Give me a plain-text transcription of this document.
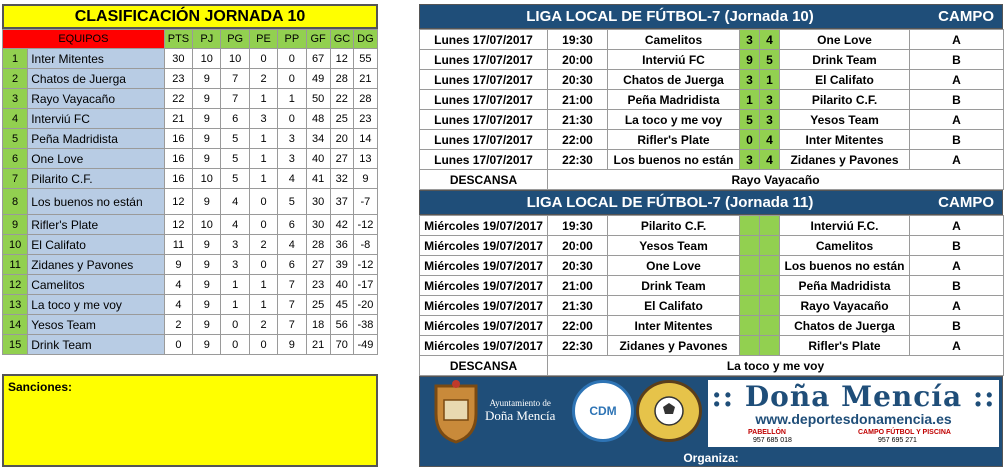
CLASIFICACIÓN JORNADA 10
EQUIPOS		PTS	PJ	PG	PE	PP	GF	GC	DG
1	Inter Mitentes	30	10	10	0	0	67	12	55
2	Chatos de Juerga	23	9	7	2	0	49	28	21
3	Rayo Vayacaño	22	9	7	1	1	50	22	28
4	Interviú FC	21	9	6	3	0	48	25	23
5	Peña Madridista	16	9	5	1	3	34	20	14
6	One Love	16	9	5	1	3	40	27	13
7	Pilarito C.F.	16	10	5	1	4	41	32	9
8	Los buenos no están	12	9	4	0	5	30	37	-7
9	Rifler's Plate	12	10	4	0	6	30	42	-12
10	El Califato	11	9	3	2	4	28	36	-8
11	Zidanes y Pavones	9	9	3	0	6	27	39	-12
12	Camelitos	4	9	1	1	7	23	40	-17
13	La toco y me voy	4	9	1	1	7	25	45	-20
14	Yesos Team	2	9	0	2	7	18	56	-38
15	Drink Team	0	9	0	0	9	21	70	-49
Sanciones:
LIGA LOCAL DE FÚTBOL-7 (Jornada 10)	CAMPO
Lunes 17/07/2017	19:30	Camelitos	3	4	One Love	A
Lunes 17/07/2017	20:00	Interviú FC	9	5	Drink Team	B
Lunes 17/07/2017	20:30	Chatos de Juerga	3	1	El Califato	A
Lunes 17/07/2017	21:00	Peña Madridista	1	3	Pilarito C.F.	B
Lunes 17/07/2017	21:30	La toco y me voy	5	3	Yesos Team	A
Lunes 17/07/2017	22:00	Rifler's Plate	0	4	Inter Mitentes	B
Lunes 17/07/2017	22:30	Los buenos no están	3	4	Zidanes y Pavones	A
DESCANSA	Rayo Vayacaño					
LIGA LOCAL DE FÚTBOL-7 (Jornada 11)	CAMPO
Miércoles 19/07/2017	19:30	Pilarito C.F.			Interviú F.C.	A
Miércoles 19/07/2017	20:00	Yesos Team			Camelitos	B
Miércoles 19/07/2017	20:30	One Love			Los buenos no están	A
Miércoles 19/07/2017	21:00	Drink Team			Peña Madridista	B
Miércoles 19/07/2017	21:30	El Califato			Rayo Vayacaño	A
Miércoles 19/07/2017	22:00	Inter Mitentes			Chatos de Juerga	B
Miércoles 19/07/2017	22:30	Zidanes y Pavones			Rifler's Plate	A
DESCANSA	La toco y me voy					
Ayuntamiento de
Doña Mencía	CDM	:: Doña Mencía ::
www.deportesdonamencia.es
PABELLÓN
957 685 018
CAMPO FÚTBOL Y PISCINA
957 695 271
Organiza:
